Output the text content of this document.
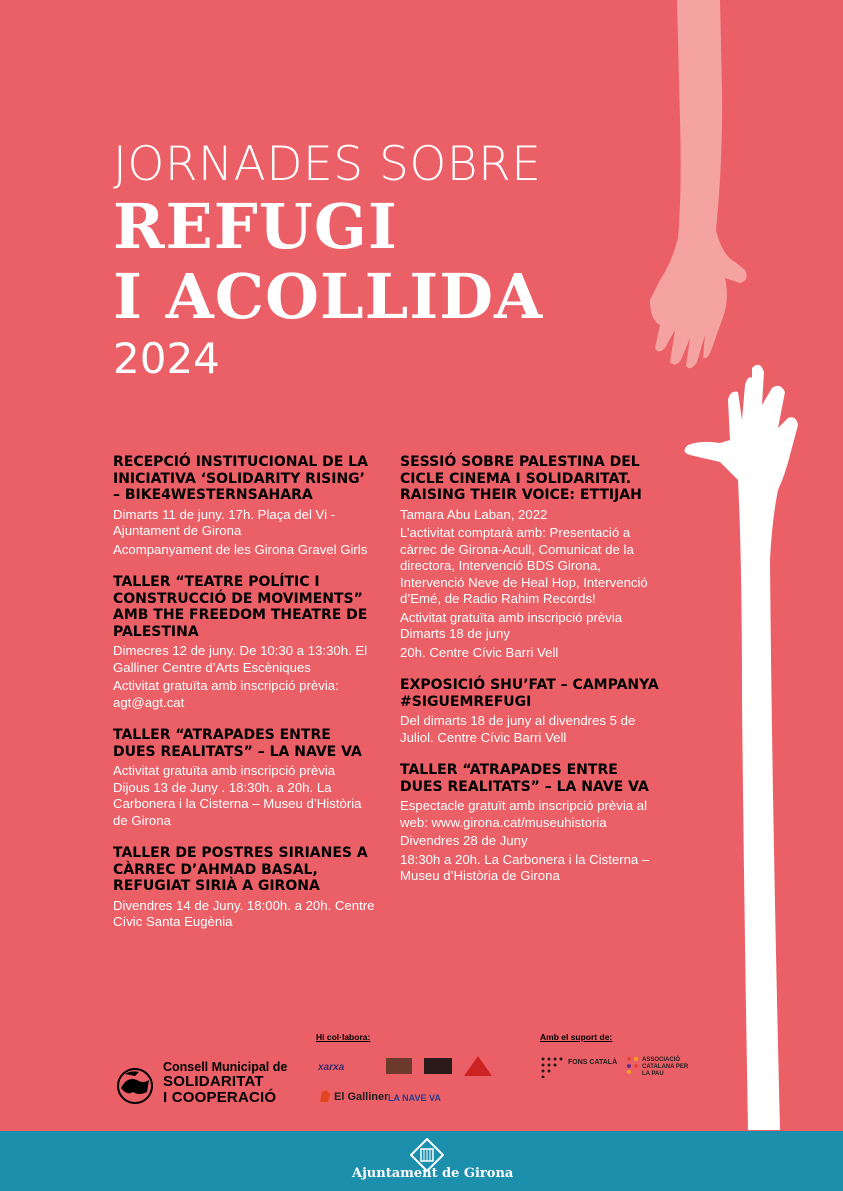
JORNADES SOBRE
REFUGI
I ACOLLIDA
2024
RECEPCIÓ INSTITUCIONAL DE LA INICIATIVA ‘SOLIDARITY RISING’ – BIKE4WESTERNSAHARA
Dimarts 11 de juny. 17h. Plaça del Vi - Ajuntament de Girona
Acompanyament de les Girona Gravel Girls
TALLER “TEATRE POLÍTIC I CONSTRUCCIÓ DE MOVIMENTS” AMB THE FREEDOM THEATRE DE PALESTINA
Dimecres 12 de juny. De 10:30 a 13:30h. El Galliner Centre d’Arts Escèniques
Activitat gratuïta amb inscripció prèvia: agt@agt.cat
TALLER “ATRAPADES ENTRE DUES REALITATS” – LA NAVE VA
Activitat gratuïta amb inscripció prèvia Dijous 13 de Juny . 18:30h. a 20h. La Carbonera i la Cisterna – Museu d’Història de Girona
TALLER DE POSTRES SIRIANES A CÀRREC D’AHMAD BASAL, REFUGIAT SIRIÀ A GIRONA
Divendres 14 de Juny. 18:00h. a 20h. Centre Cívic Santa Eugènia
SESSIÓ SOBRE PALESTINA DEL CICLE CINEMA I SOLIDARITAT. RAISING THEIR VOICE: ETTIJAH
Tamara Abu Laban, 2022
L’activitat comptarà amb: Presentació a càrrec de Girona-Acull, Comunicat de la directora, Intervenció BDS Girona, Intervenció Neve de Heal Hop, Intervenció d’Emé, de Radio Rahim Records!
Activitat gratuïta amb inscripció prèvia Dimarts 18 de juny
20h. Centre Cívic Barri Vell
EXPOSICIÓ SHU’FAT – CAMPANYA #SIGUEMREFUGI
Del dimarts 18 de juny al divendres 5 de Juliol. Centre Cívic Barri Vell
TALLER “ATRAPADES ENTRE DUES REALITATS” – LA NAVE VA
Espectacle gratuït amb inscripció prèvia al web: www.girona.cat/museuhistoria
Divendres 28 de Juny
18:30h a 20h. La Carbonera i la Cisterna – Museu d’Història de Girona
Consell Municipal de
SOLIDARITAT
I COOPERACIÓ
Hi col·labora:
xarxa
El Galliner LA NAVE VA
Amb el suport de:
FONS CATALÀ	ASSOCIACIÓ CATALANA PER LA PAU
Ajuntament de Girona
